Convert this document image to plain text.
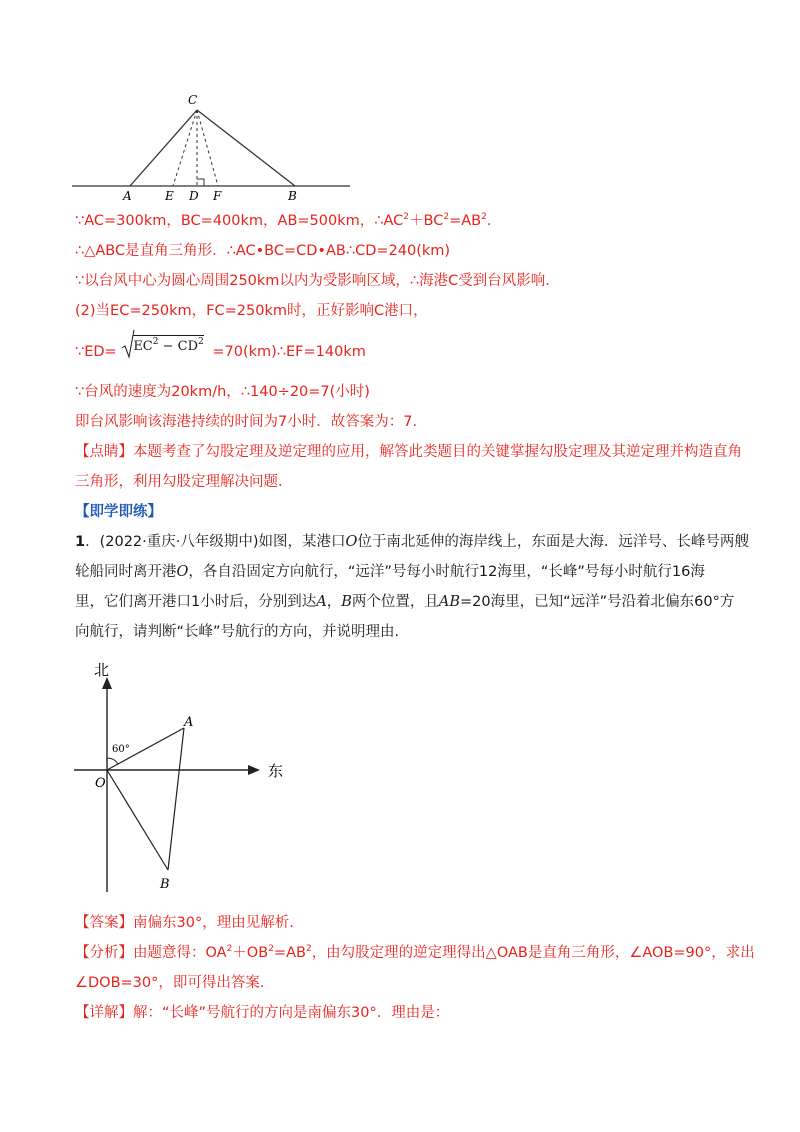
C
A	E D F	B
∵AC=300km，BC=400km，AB=500km，$\therefore AC^2+BC^2=AB^2$.
∴△ABC是直角三角形．∴AC•BC=CD•AB∴CD=240(km)
∵以台风中心为圆心周围250km以内为受影响区域，∴海港C受到台风影响.
(2)当EC=250km，FC=250km时，正好影响C港口，
∵ED= $EC^2 - CD^2$ =70(km)∴EF=140km
∵台风的速度为20km/h，∴140÷20=7(小时)
即台风影响该海港持续的时间为7小时．故答案为：7.
【点睛】本题考查了勾股定理及逆定理的应用，解答此类题目的关键掌握勾股定理及其逆定理并构造直角
三角形，利用勾股定理解决问题.
【即学即练】
1．(2022·重庆·八年级期中)如图，某港口O位于南北延伸的海岸线上，东面是大海．远洋号、长峰号两艘
轮船同时离开港O，各自沿固定方向航行，“远洋”号每小时航行12海里，“长峰”号每小时航行16海
里，它们离开港口1小时后，分别到达A，B两个位置，且AB=20海里，已知“远洋”号沿着北偏东60°方
向航行，请判断“长峰”号航行的方向，并说明理由.
60°
北
东
O
A
B
【答案】南偏东30°，理由见解析.
【分析】由题意得：$OA^2+OB^2=AB^2$，由勾股定理的逆定理得出△OAB是直角三角形，∠AOB=90°，求出
∠DOB=30°，即可得出答案.
【详解】解：“长峰”号航行的方向是南偏东30°．理由是：
